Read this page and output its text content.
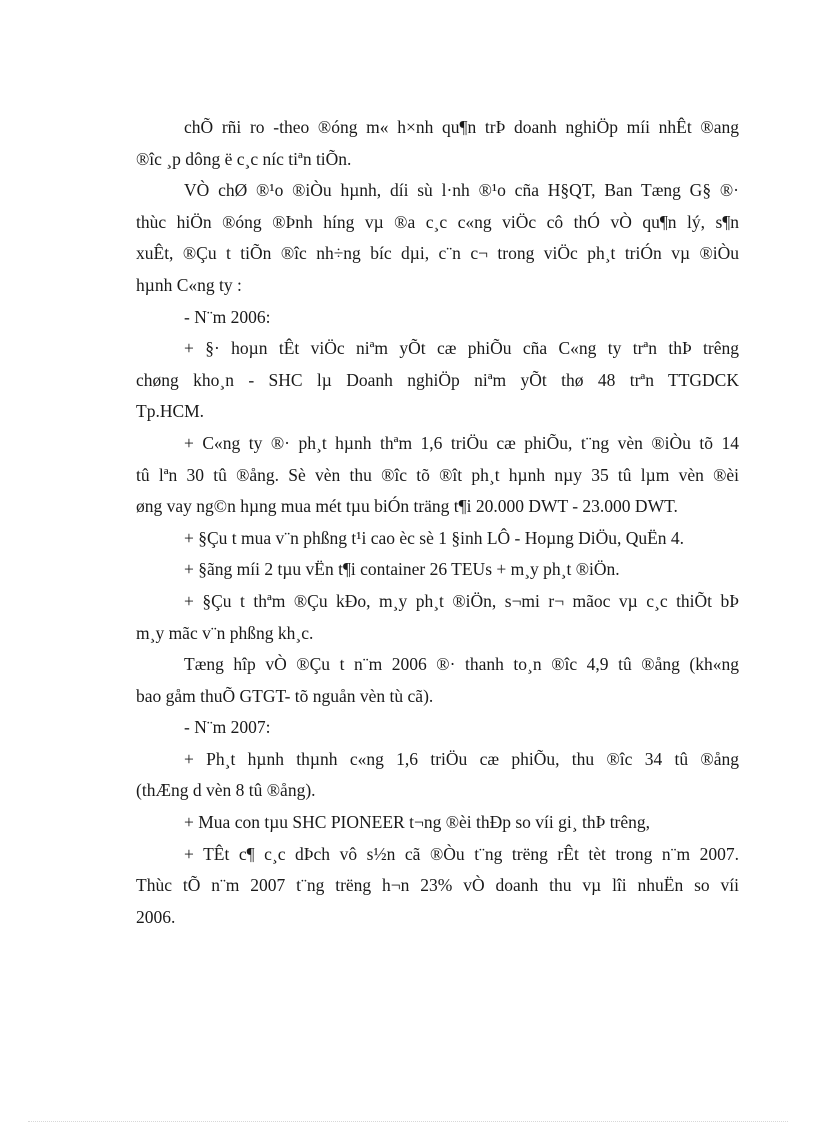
chÕ rñi ro -theo ®óng m« h×nh qu¶n trÞ doanh nghiÖp míi nhÊt ®ang
®îc ¸p dông ë c¸c níc tiªn tiÕn.
VÒ chØ ®¹o ®iÒu hµnh, díi sù l·nh ®¹o cña H§QT, Ban Tæng G§ ®·
thùc hiÖn ®óng ®Þnh híng vµ ®a c¸c c«ng viÖc cô thÓ vÒ qu¶n lý, s¶n
xuÊt, ®Çu t tiÕn ®îc nh÷ng bíc dµi, c¨n c¬ trong viÖc ph¸t triÓn vµ ®iÒu
hµnh C«ng ty :
- N¨m 2006:
+ §· hoµn tÊt viÖc niªm yÕt cæ phiÕu cña C«ng ty trªn thÞ trêng
chøng kho¸n - SHC lµ Doanh nghiÖp niªm yÕt thø 48 trªn TTGDCK
Tp.HCM.
+ C«ng ty ®· ph¸t hµnh thªm 1,6 triÖu cæ phiÕu, t¨ng vèn ®iÒu tõ 14
tû lªn 30 tû ®ång. Sè vèn thu ®îc tõ ®ît ph¸t hµnh nµy 35 tû lµm vèn ®èi
øng vay ng©n hµng mua mét tµu biÓn träng t¶i 20.000 DWT - 23.000 DWT.
+ §Çu t mua v¨n phßng t¹i cao èc sè 1 §inh LÔ - Hoµng DiÖu, QuËn 4.
+ §ãng míi 2 tµu vËn t¶i container 26 TEUs + m¸y ph¸t ®iÖn.
+ §Çu t thªm ®Çu kÐo, m¸y ph¸t ®iÖn, s¬mi r¬ mãoc vµ c¸c thiÕt bÞ
m¸y mãc v¨n phßng kh¸c.
Tæng hîp vÒ ®Çu t n¨m 2006 ®· thanh to¸n ®îc 4,9 tû ®ång (kh«ng
bao gåm thuÕ GTGT- tõ nguån vèn tù cã).
- N¨m 2007:
+ Ph¸t hµnh thµnh c«ng 1,6 triÖu cæ phiÕu, thu ®îc 34 tû ®ång
(thÆng d vèn 8 tû ®ång).
+ Mua con tµu SHC PIONEER t¬ng ®èi thÐp so víi gi¸ thÞ trêng,
+ TÊt c¶ c¸c dÞch vô s½n cã ®Òu t¨ng trëng rÊt tèt trong n¨m 2007.
Thùc tÕ n¨m 2007 t¨ng trëng h¬n 23% vÒ doanh thu vµ lîi nhuËn so víi
2006.
